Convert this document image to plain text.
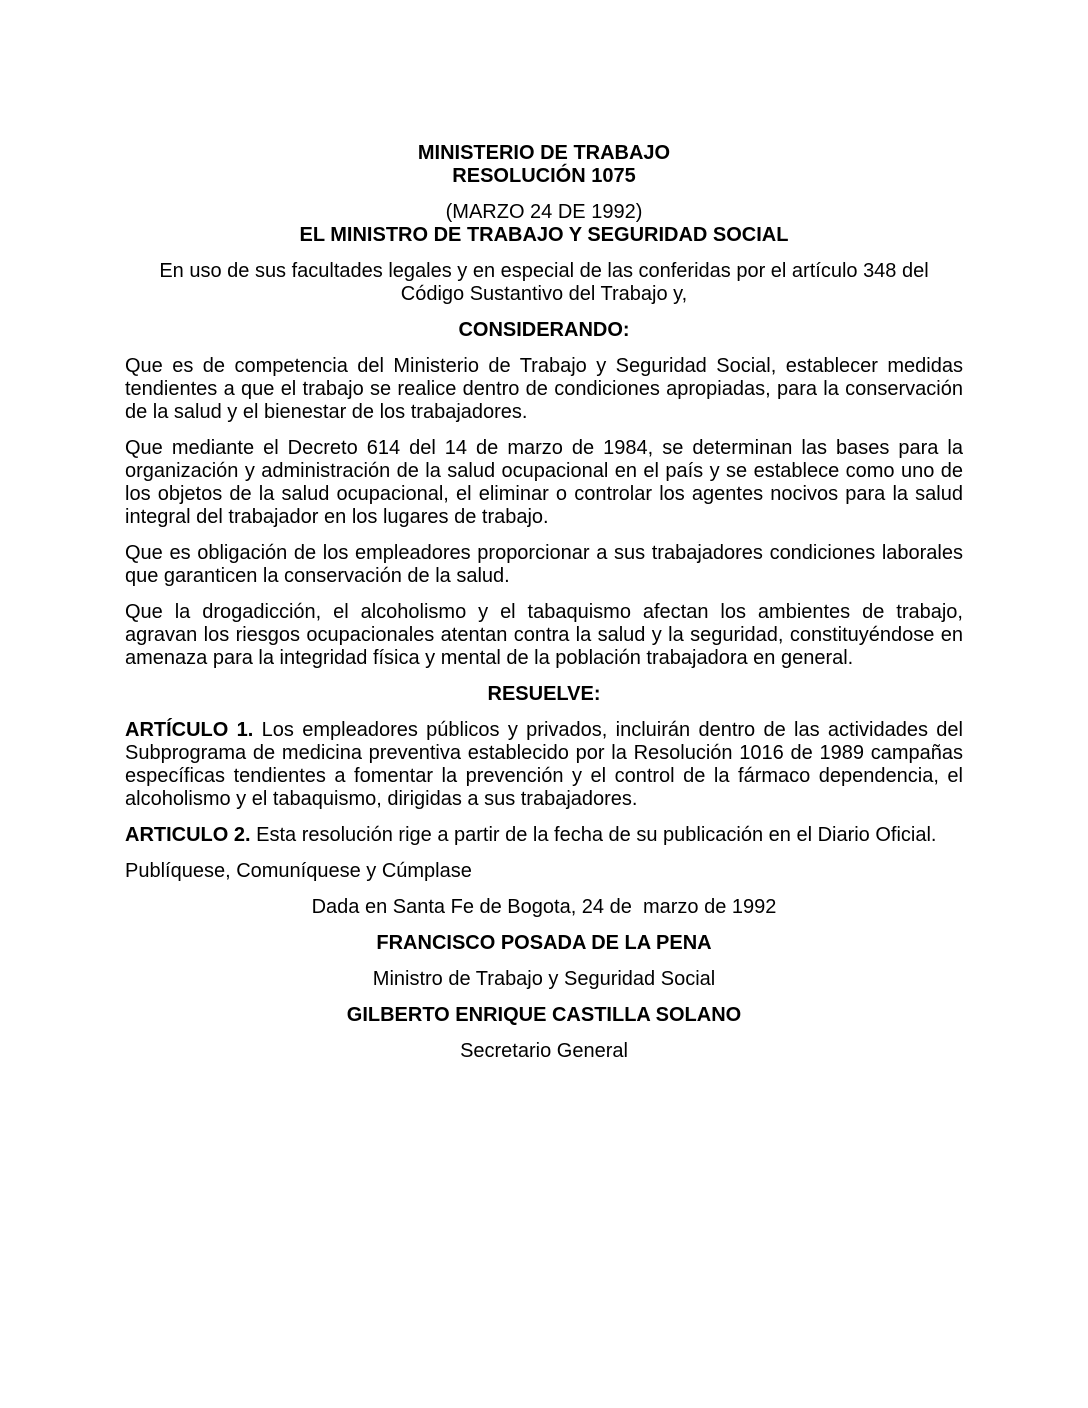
MINISTERIO DE TRABAJO
RESOLUCIÓN 1075
(MARZO 24 DE 1992)
EL MINISTRO DE TRABAJO Y SEGURIDAD SOCIAL

En uso de sus facultades legales y en especial de las conferidas por el artículo 348 del Código Sustantivo del Trabajo y,

CONSIDERANDO:

Que es de competencia del Ministerio de Trabajo y Seguridad Social, establecer medidas tendientes a que el trabajo se realice dentro de condiciones apropiadas, para la conservación de la salud y el bienestar de los trabajadores.

Que mediante el Decreto 614 del 14 de marzo de 1984, se determinan las bases para la organización y administración de la salud ocupacional en el país y se establece como uno de los objetos de la salud ocupacional, el eliminar o controlar los agentes nocivos para la salud integral del trabajador en los lugares de trabajo.

Que es obligación de los empleadores proporcionar a sus trabajadores condiciones laborales que garanticen la conservación de la salud.

Que la drogadicción, el alcoholismo y el tabaquismo afectan los ambientes de trabajo, agravan los riesgos ocupacionales atentan contra la salud y la seguridad, constituyéndose en amenaza para la integridad física y mental de la población trabajadora en general.

RESUELVE:

ARTÍCULO 1. Los empleadores públicos y privados, incluirán dentro de las actividades del Subprograma de medicina preventiva establecido por la Resolución 1016 de 1989 campañas específicas tendientes a fomentar la prevención y el control de la fármaco dependencia, el alcoholismo y el tabaquismo, dirigidas a sus trabajadores.

ARTICULO 2. Esta resolución rige a partir de la fecha de su publicación en el Diario Oficial.

Publíquese, Comuníquese y Cúmplase

Dada en Santa Fe de Bogota, 24 de  marzo de 1992

FRANCISCO POSADA DE LA PENA

Ministro de Trabajo y Seguridad Social

GILBERTO ENRIQUE CASTILLA SOLANO

Secretario General
